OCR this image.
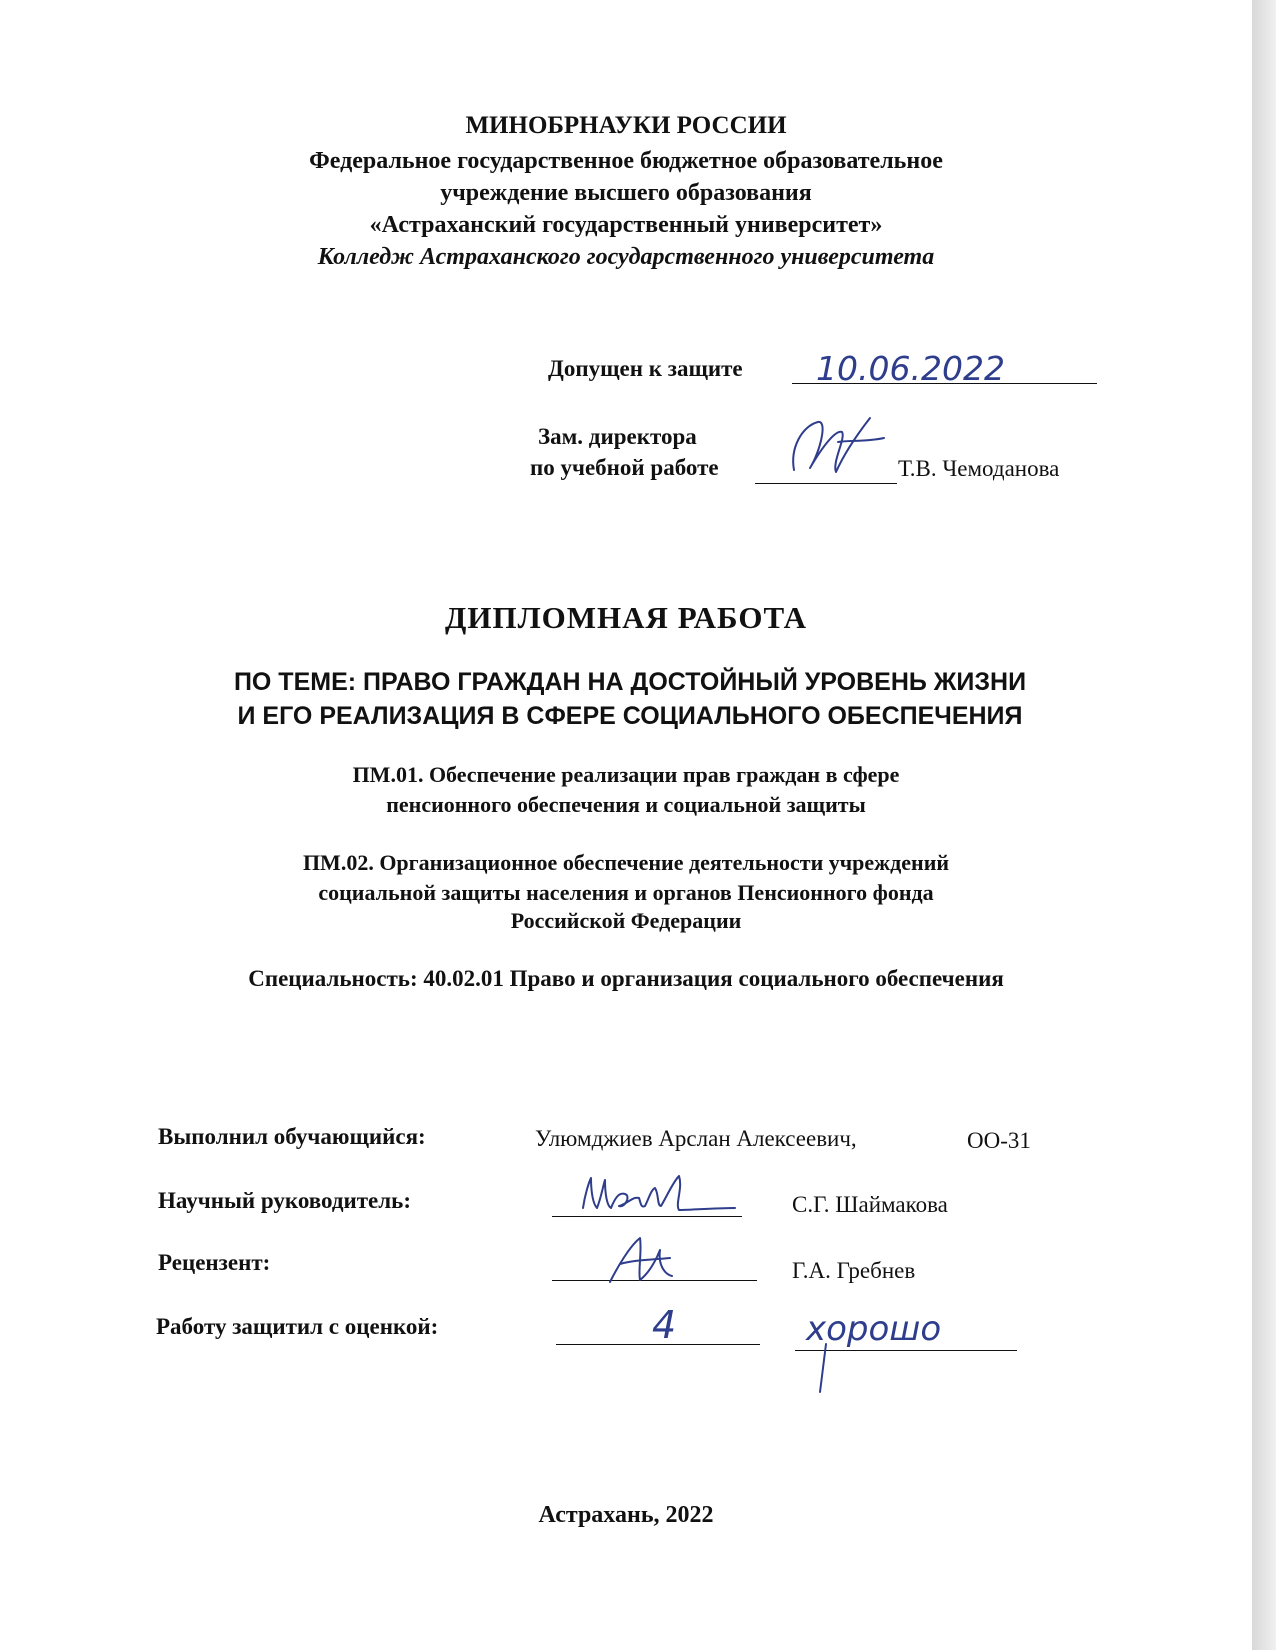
МИНОБРНАУКИ РОССИИ
Федеральное государственное бюджетное образовательное
учреждение высшего образования
«Астраханский государственный университет»
Колледж Астраханского государственного университета
Допущен к защите 10.06.2022
Зам. директора
по учебной работе	Т.В. Чемоданова
ДИПЛОМНАЯ РАБОТА
ПО ТЕМЕ: ПРАВО ГРАЖДАН НА ДОСТОЙНЫЙ УРОВЕНЬ ЖИЗНИ
И ЕГО РЕАЛИЗАЦИЯ В СФЕРЕ СОЦИАЛЬНОГО ОБЕСПЕЧЕНИЯ
ПМ.01. Обеспечение реализации прав граждан в сфере
пенсионного обеспечения и социальной защиты
ПМ.02. Организационное обеспечение деятельности учреждений
социальной защиты населения и органов Пенсионного фонда
Российской Федерации
Специальность: 40.02.01 Право и организация социального обеспечения
Выполнил обучающийся:	Улюмджиев Арслан Алексеевич,	ОО-31
Научный руководитель:	С.Г. Шаймакова
Рецензент:	Г.А. Гребнев
Работу защитил с оценкой:	4	хорошо
Астрахань, 2022
